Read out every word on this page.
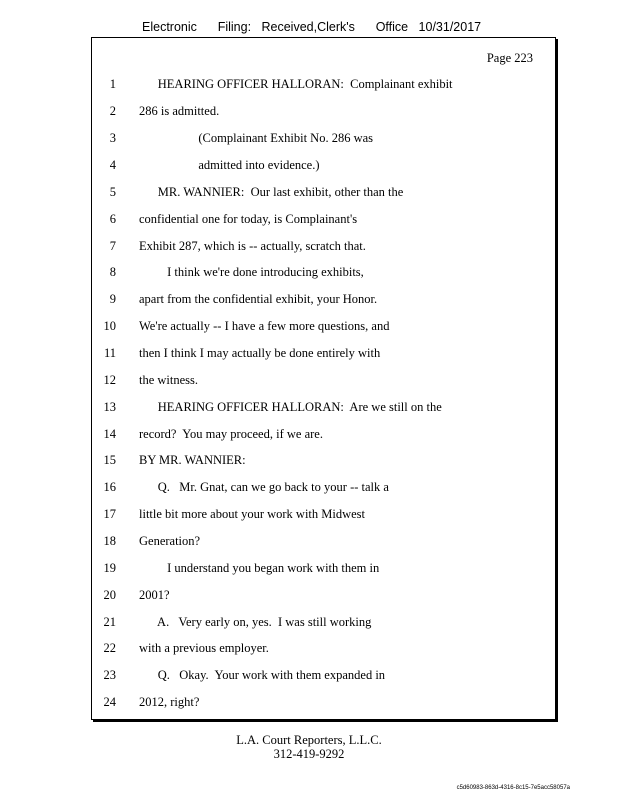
Electronic      Filing:   Received,Clerk's      Office   10/31/2017
Page 223
1 HEARING OFFICER HALLORAN:  Complainant exhibit
2 286 is admitted.
3 (Complainant Exhibit No. 286 was
4 admitted into evidence.)
5 MR. WANNIER:  Our last exhibit, other than the
6 confidential one for today, is Complainant's
7 Exhibit 287, which is -- actually, scratch that.
8 I think we're done introducing exhibits,
9 apart from the confidential exhibit, your Honor.
10 We're actually -- I have a few more questions, and
11 then I think I may actually be done entirely with
12 the witness.
13 HEARING OFFICER HALLORAN:  Are we still on the
14 record?  You may proceed, if we are.
15 BY MR. WANNIER:
16 Q.   Mr. Gnat, can we go back to your -- talk a
17 little bit more about your work with Midwest
18 Generation?
19 I understand you began work with them in
20 2001?
21 A.   Very early on, yes.  I was still working
22 with a previous employer.
23 Q.   Okay.  Your work with them expanded in
24 2012, right?
L.A. Court Reporters, L.L.C.
312-419-9292
c5d60983-863d-4316-8c15-7e5acc58057a
